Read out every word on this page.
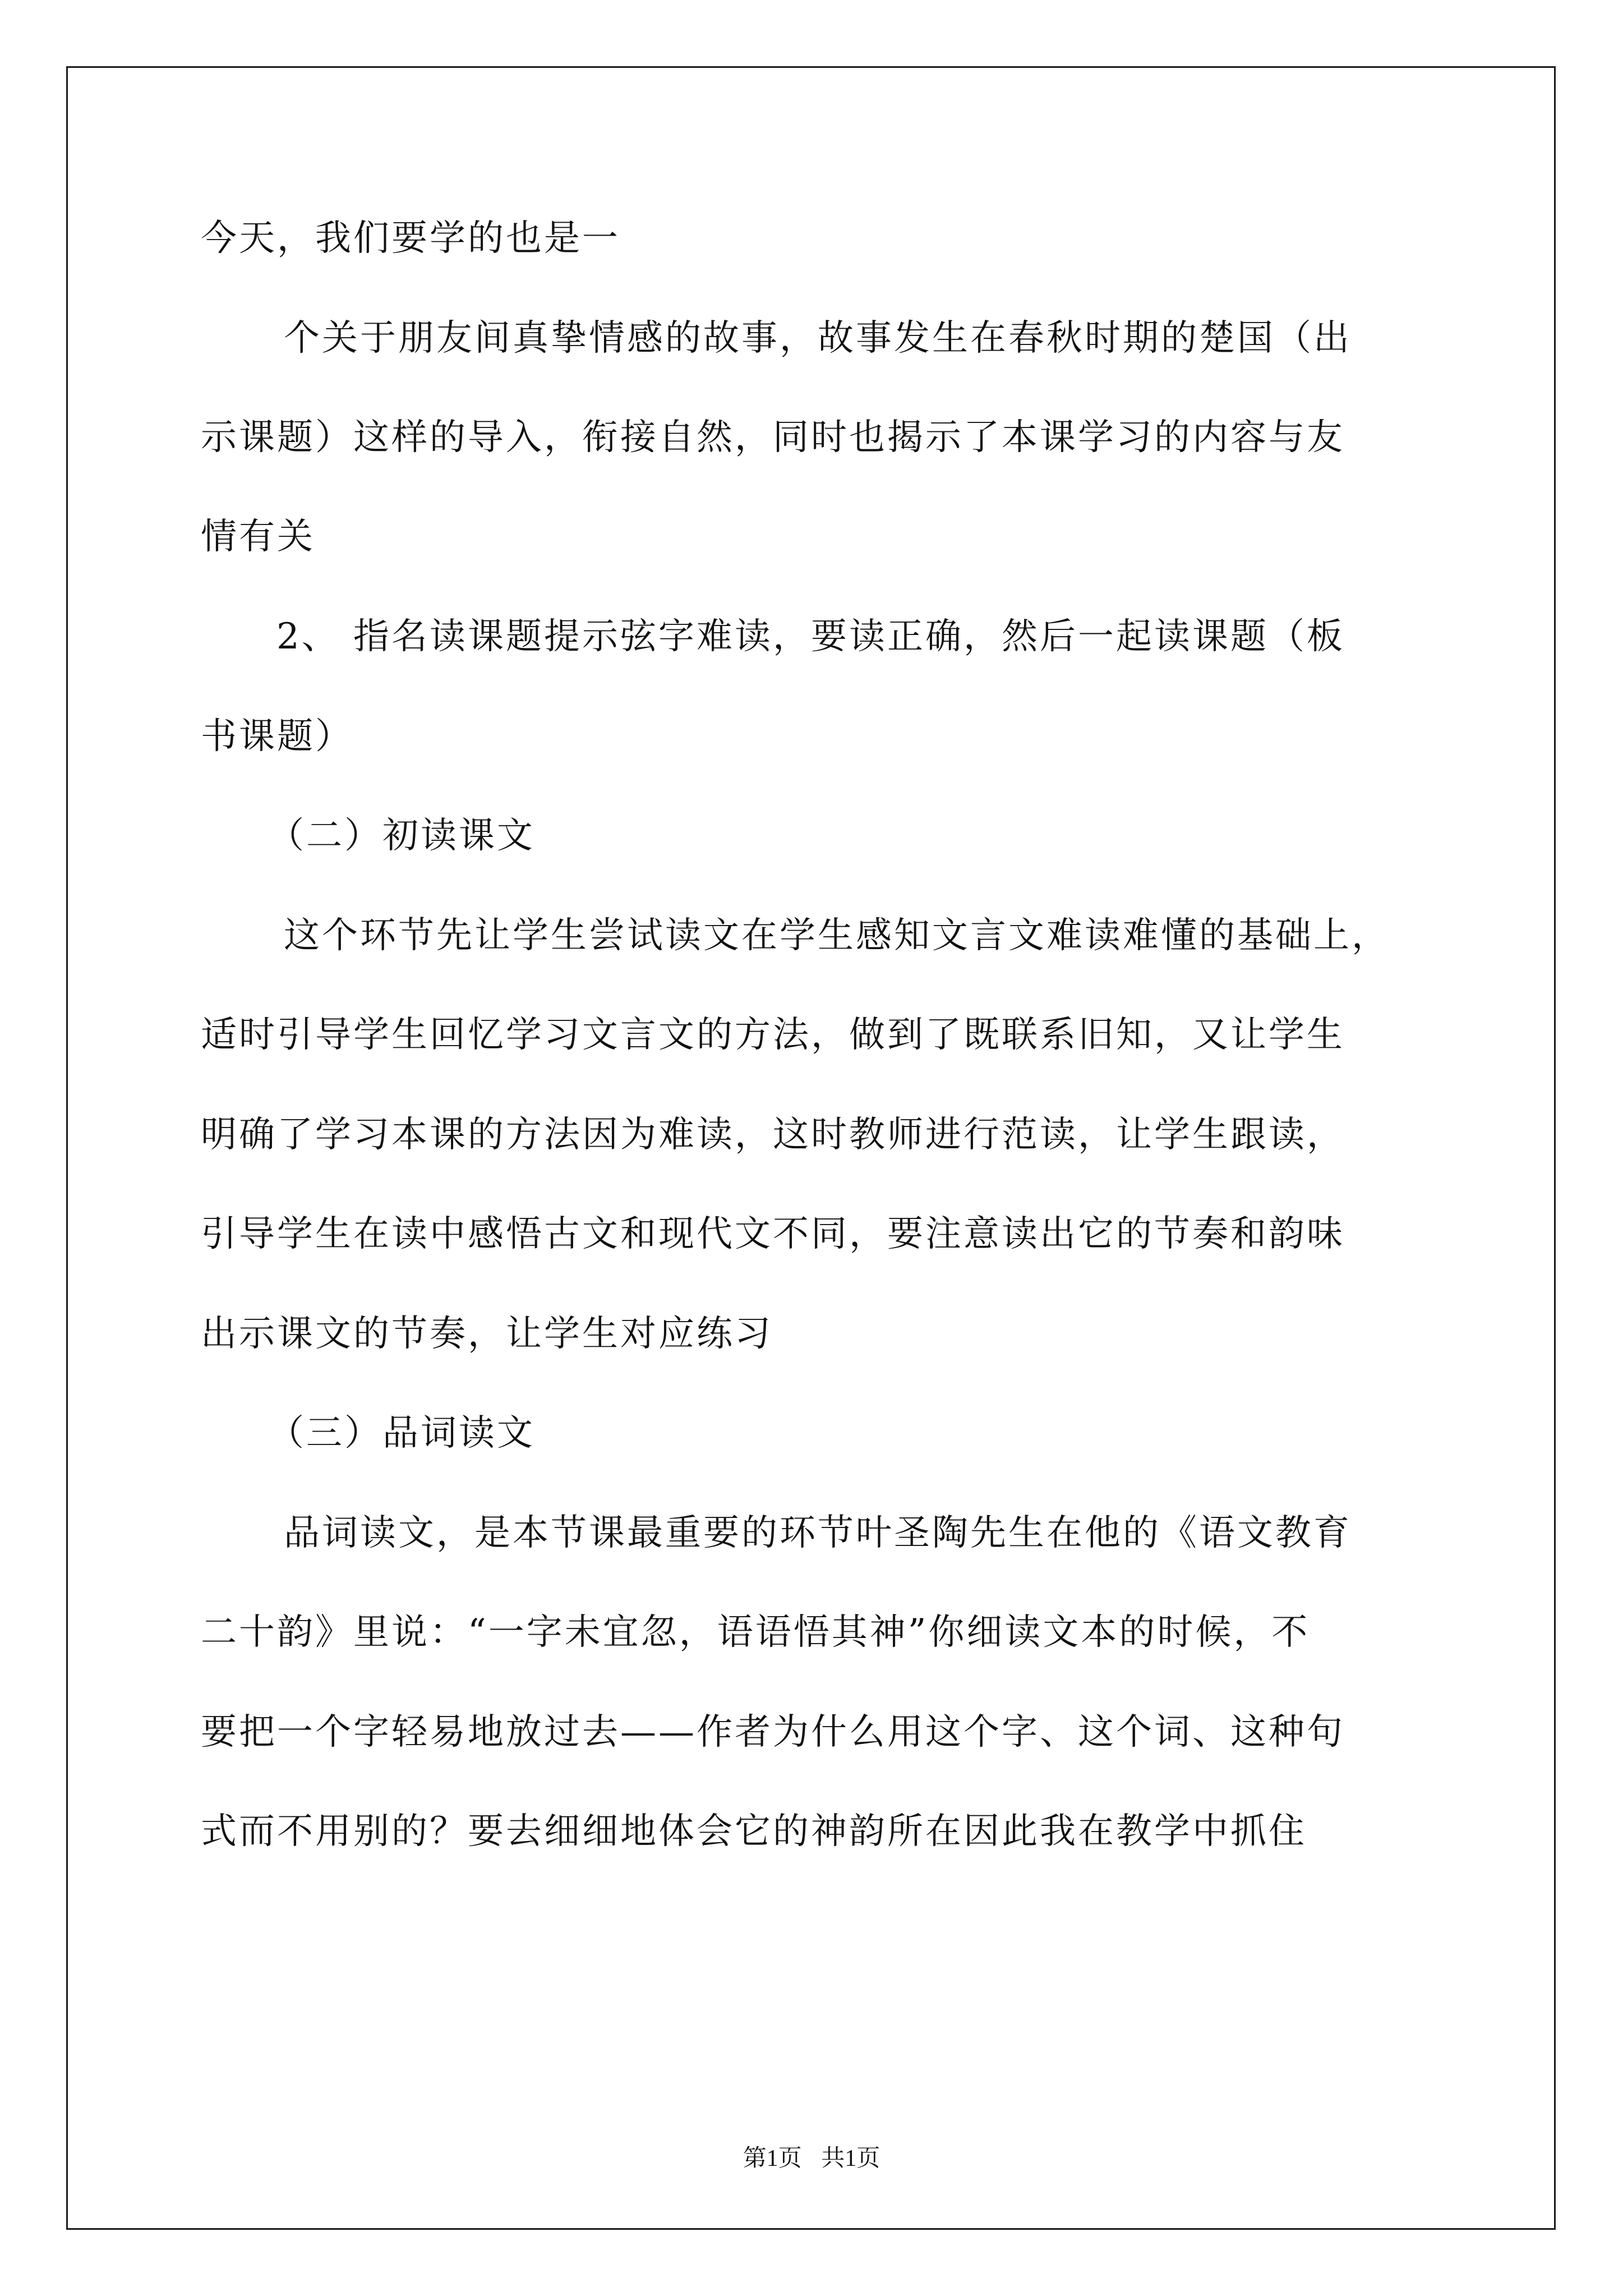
今天，我们要学的也是一
个关于朋友间真挚情感的故事，故事发生在春秋时期的楚国（出
示课题）这样的导入，衔接自然，同时也揭示了本课学习的内容与友
情有关
2、 指名读课题提示弦字难读，要读正确，然后一起读课题（板
书课题）
（二）初读课文
这个环节先让学生尝试读文在学生感知文言文难读难懂的基础上，
适时引导学生回忆学习文言文的方法，做到了既联系旧知，又让学生
明确了学习本课的方法因为难读，这时教师进行范读，让学生跟读，
引导学生在读中感悟古文和现代文不同，要注意读出它的节奏和韵味
出示课文的节奏，让学生对应练习
（三）品词读文
品词读文，是本节课最重要的环节叶圣陶先生在他的《语文教育
二十韵》里说：“一字未宜忽，语语悟其神”你细读文本的时候，不
要把一个字轻易地放过去——作者为什么用这个字、这个词、这种句
式而不用别的？要去细细地体会它的神韵所在因此我在教学中抓住
第1页 共1页
